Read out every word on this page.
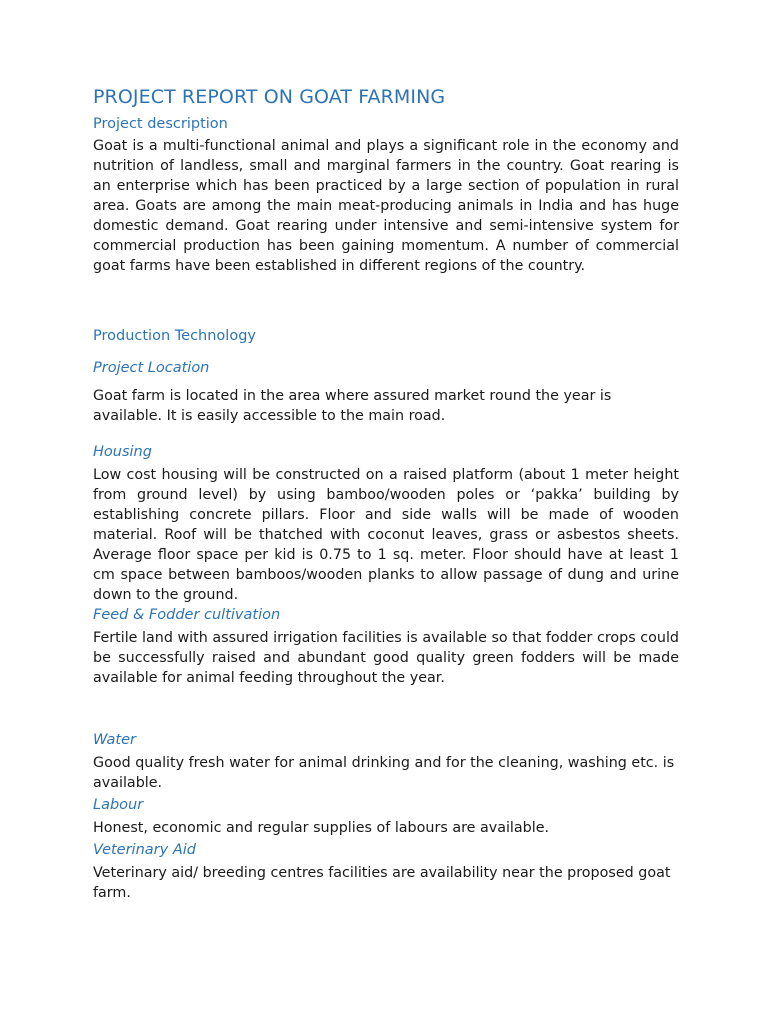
PROJECT REPORT ON GOAT FARMING
Project description

Goat is a multi-functional animal and plays a significant role in the economy and nutrition of landless, small and marginal farmers in the country. Goat rearing is an enterprise which has been practiced by a large section of population in rural area. Goats are among the main meat-producing animals in India and has huge domestic demand. Goat rearing under intensive and semi-intensive system for commercial production has been gaining momentum. A number of commercial goat farms have been established in different regions of the country.

Production Technology
Project Location

Goat farm is located in the area where assured market round the year is available. It is easily accessible to the main road.

Housing

Low cost housing will be constructed on a raised platform (about 1 meter height from ground level) by using bamboo/wooden poles or ‘pakka’ building by establishing concrete pillars. Floor and side walls will be made of wooden material. Roof will be thatched with coconut leaves, grass or asbestos sheets. Average floor space per kid is 0.75 to 1 sq. meter. Floor should have at least 1 cm space between bamboos/wooden planks to allow passage of dung and urine down to the ground.

Feed & Fodder cultivation

Fertile land with assured irrigation facilities is available so that fodder crops could be successfully raised and abundant good quality green fodders will be made available for animal feeding throughout the year.

Water

Good quality fresh water for animal drinking and for the cleaning, washing etc. is available.

Labour

Honest, economic and regular supplies of labours are available.

Veterinary Aid

Veterinary aid/ breeding centres facilities are availability near the proposed goat farm.
